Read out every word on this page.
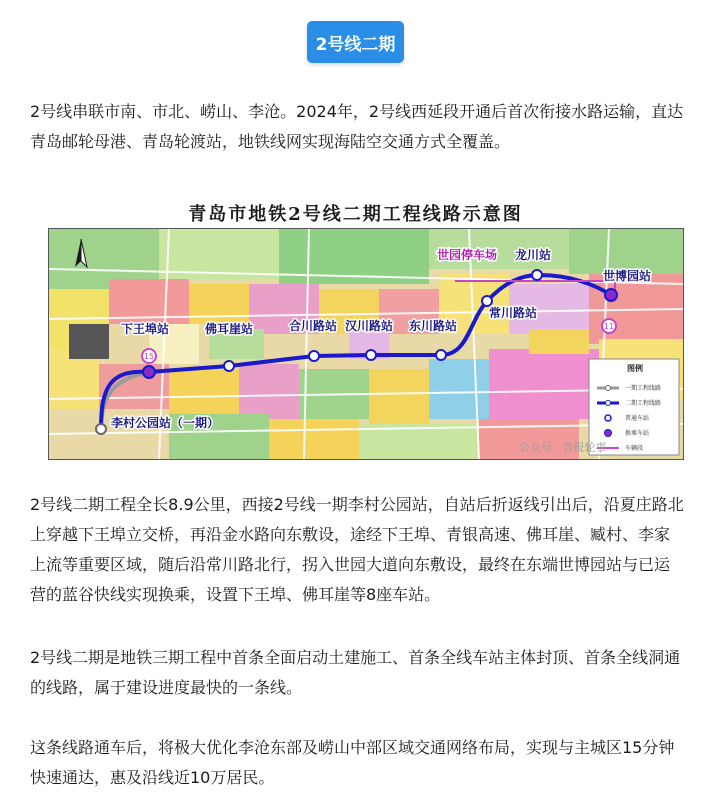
2号线二期

2号线串联市南、市北、崂山、李沧。2024年，2号线西延段开通后首次衔接水路运输，直达青岛邮轮母港、青岛轮渡站，地铁线网实现海陆空交通方式全覆盖。

青岛市地铁2号线二期工程线路示意图
15
11
李村公园站（一期）
下王埠站	佛耳崖站	合川路站 汉川路站 东川路站
常川路站
龙川站
世博园站
世园停车场
图例
一期工程线路
二期工程线路
普通车站
换乘车站
车辆段
公众号 · 青报轮事

2号线二期工程全长8.9公里，西接2号线一期李村公园站，自站后折返线引出后，沿夏庄路北上穿越下王埠立交桥，再沿金水路向东敷设，途经下王埠、青银高速、佛耳崖、臧村、李家上流等重要区域，随后沿常川路北行，拐入世园大道向东敷设，最终在东端世博园站与已运营的蓝谷快线实现换乘，设置下王埠、佛耳崖等8座车站。

2号线二期是地铁三期工程中首条全面启动土建施工、首条全线车站主体封顶、首条全线洞通的线路，属于建设进度最快的一条线。

这条线路通车后，将极大优化李沧东部及崂山中部区域交通网络布局，实现与主城区15分钟快速通达，惠及沿线近10万居民。
